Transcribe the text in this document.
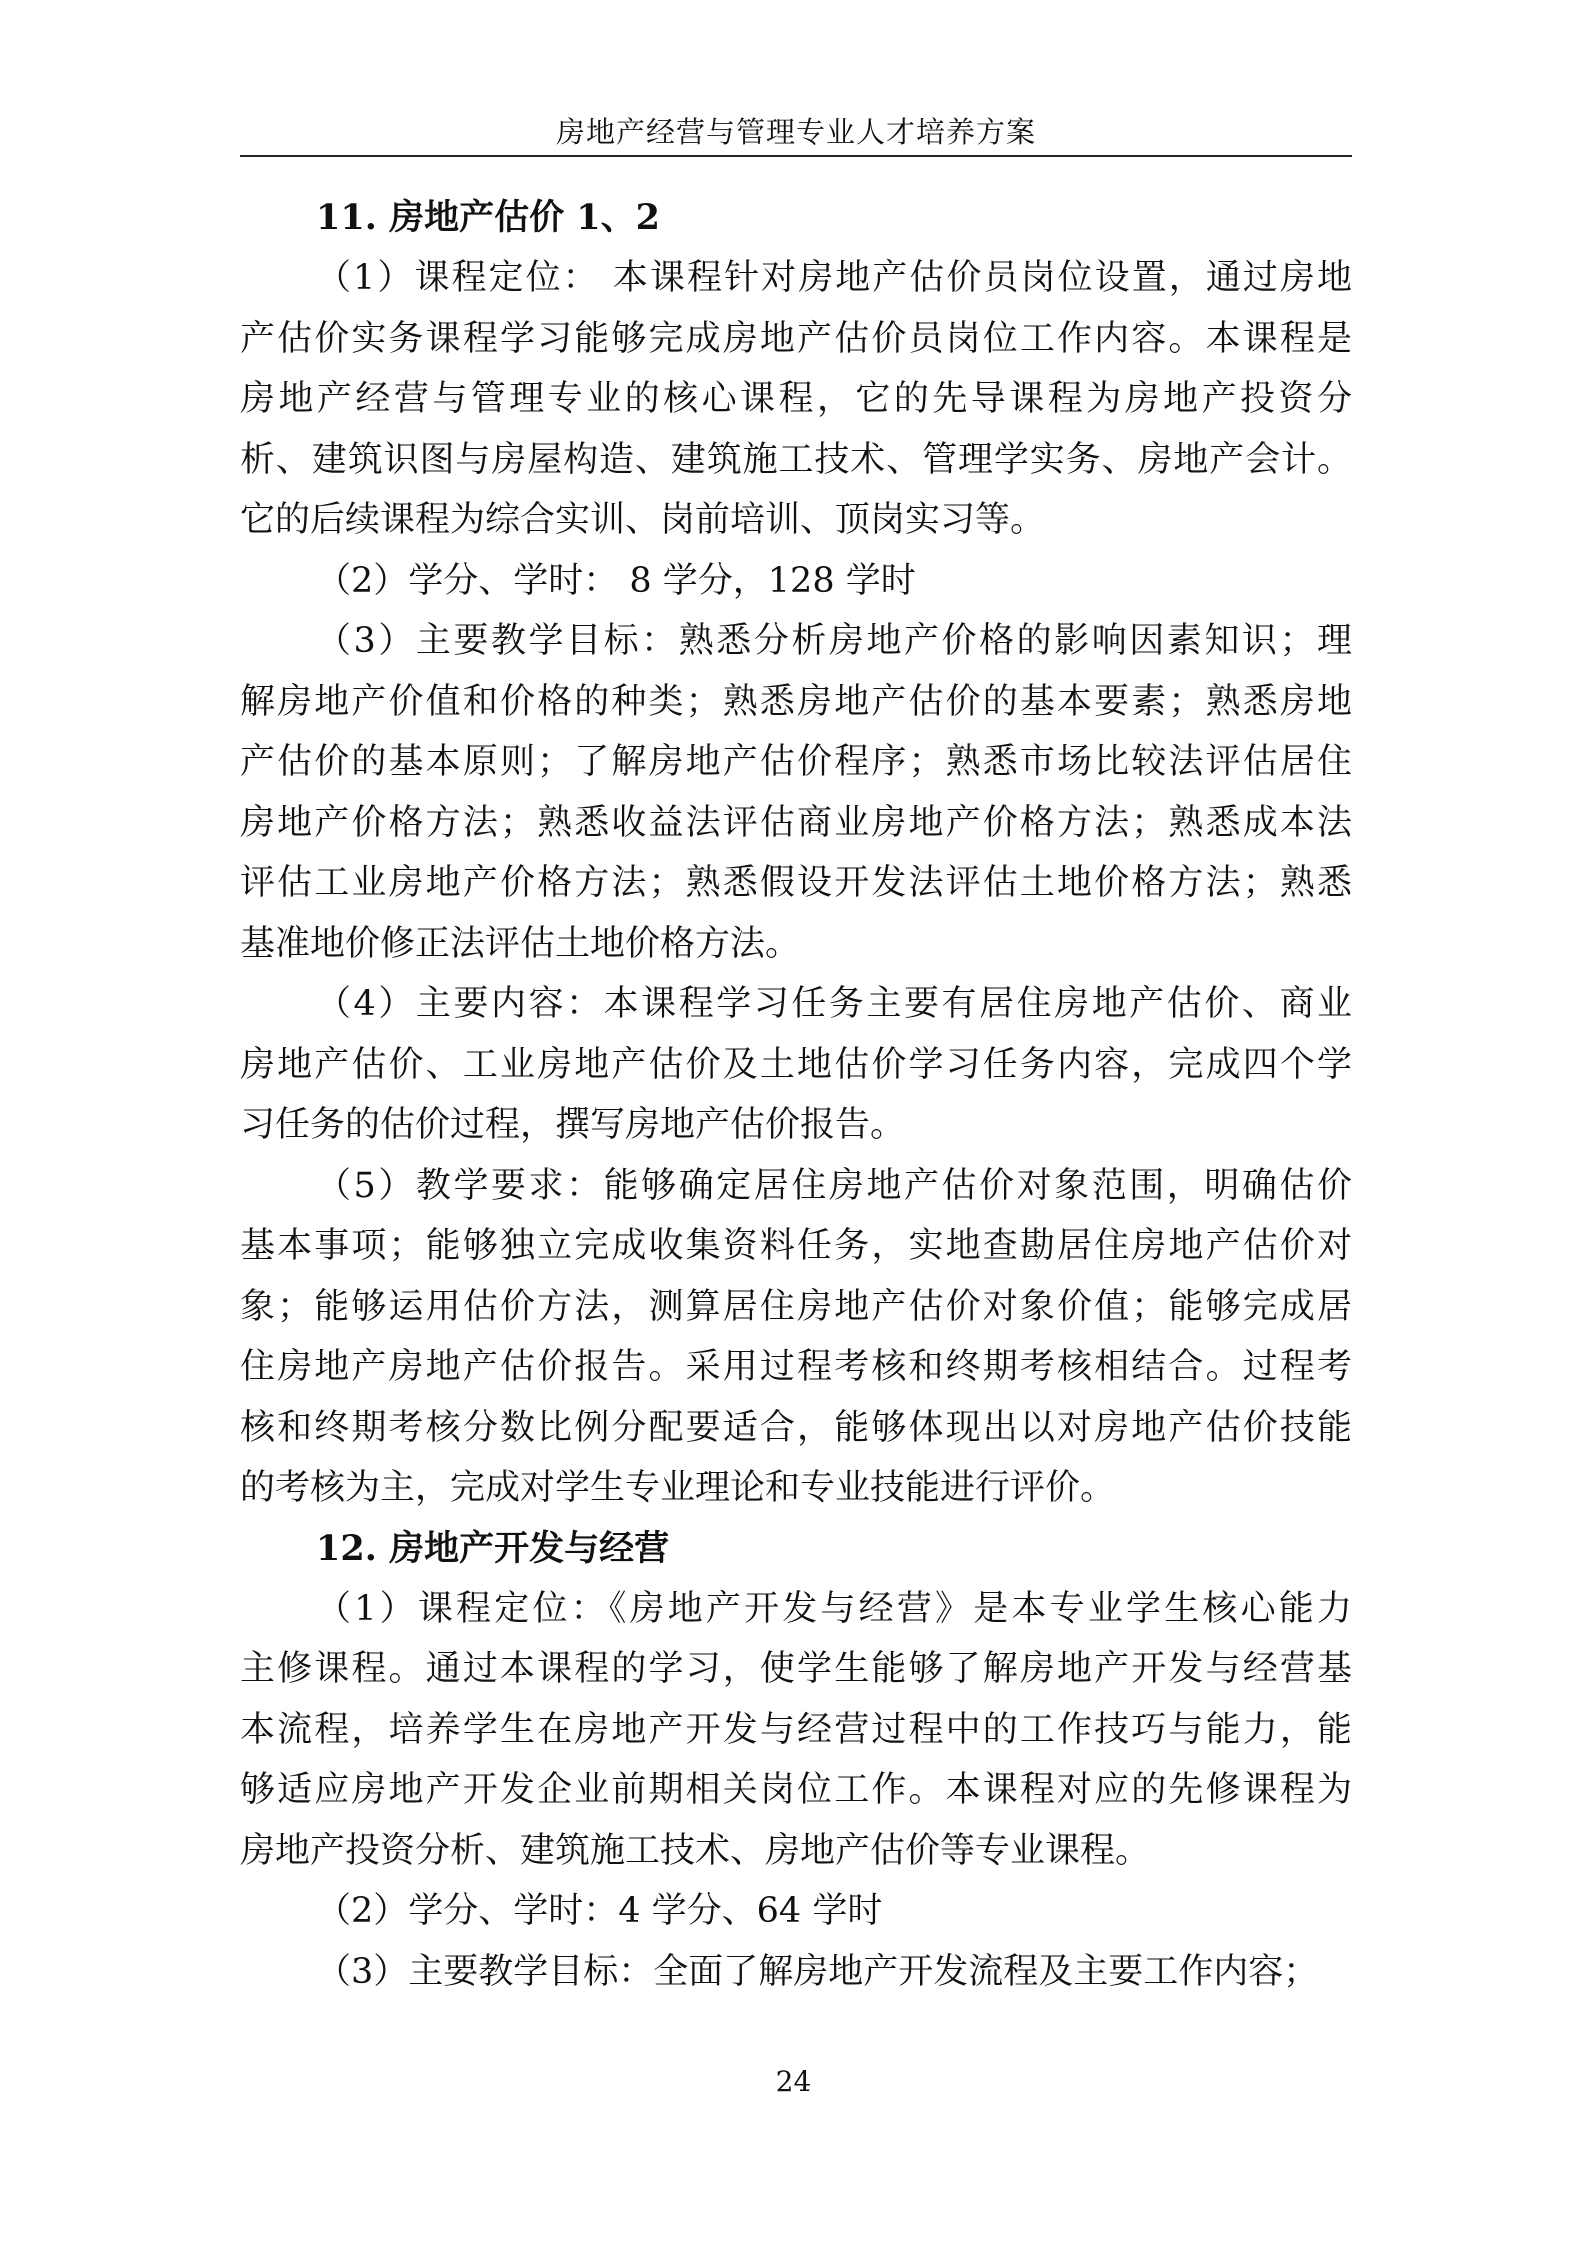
房地产经营与管理专业人才培养方案
11. 房地产估价 1、2
（1）课程定位： 本课程针对房地产估价员岗位设置，通过房地
产估价实务课程学习能够完成房地产估价员岗位工作内容。本课程是
房地产经营与管理专业的核心课程，它的先导课程为房地产投资分
析、建筑识图与房屋构造、建筑施工技术、管理学实务、房地产会计。
它的后续课程为综合实训、岗前培训、顶岗实习等。
（2）学分、学时： 8 学分，128 学时
（3）主要教学目标：熟悉分析房地产价格的影响因素知识；理
解房地产价值和价格的种类；熟悉房地产估价的基本要素；熟悉房地
产估价的基本原则；了解房地产估价程序；熟悉市场比较法评估居住
房地产价格方法；熟悉收益法评估商业房地产价格方法；熟悉成本法
评估工业房地产价格方法；熟悉假设开发法评估土地价格方法；熟悉
基准地价修正法评估土地价格方法。
（4）主要内容：本课程学习任务主要有居住房地产估价、商业
房地产估价、工业房地产估价及土地估价学习任务内容，完成四个学
习任务的估价过程，撰写房地产估价报告。
（5）教学要求：能够确定居住房地产估价对象范围，明确估价
基本事项；能够独立完成收集资料任务，实地查勘居住房地产估价对
象；能够运用估价方法，测算居住房地产估价对象价值；能够完成居
住房地产房地产估价报告。采用过程考核和终期考核相结合。过程考
核和终期考核分数比例分配要适合，能够体现出以对房地产估价技能
的考核为主，完成对学生专业理论和专业技能进行评价。
12. 房地产开发与经营
（1）课程定位：《房地产开发与经营》是本专业学生核心能力
主修课程。通过本课程的学习，使学生能够了解房地产开发与经营基
本流程，培养学生在房地产开发与经营过程中的工作技巧与能力，能
够适应房地产开发企业前期相关岗位工作。本课程对应的先修课程为
房地产投资分析、建筑施工技术、房地产估价等专业课程。
（2）学分、学时：4 学分、64 学时
（3）主要教学目标：全面了解房地产开发流程及主要工作内容；
24
